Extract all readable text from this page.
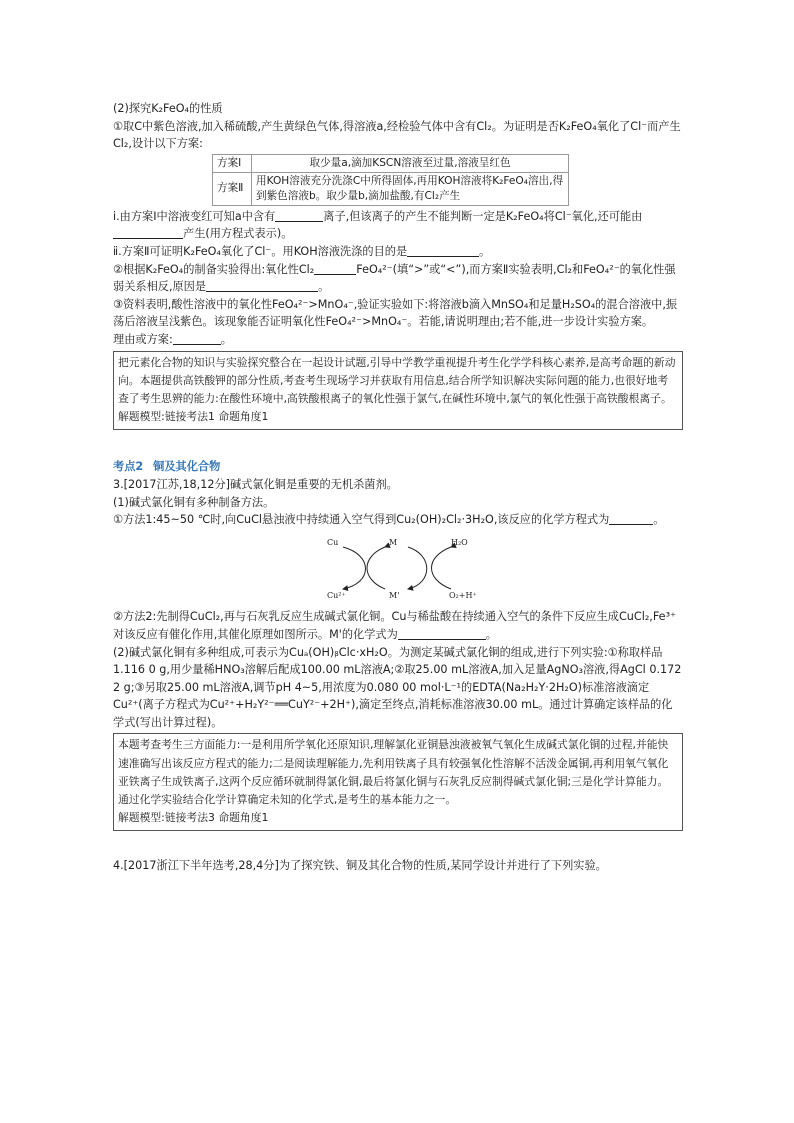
(2)探究K₂FeO₄的性质

①取C中紫色溶液,加入稀硫酸,产生黄绿色气体,得溶液a,经检验气体中含有Cl₂。为证明是否K₂FeO₄氧化了Cl⁻而产生Cl₂,设计以下方案:

方案Ⅰ	取少量a,滴加KSCN溶液至过量,溶液呈红色
方案Ⅱ	用KOH溶液充分洗涤C中所得固体,再用KOH溶液将K₂FeO₄溶出,得到紫色溶液b。取少量b,滴加盐酸,有Cl₂产生

ⅰ.由方案Ⅰ中溶液变红可知a中含有	离子,但该离子的产生不能判断一定是K₂FeO₄将Cl⁻氧化,还可能由产生(用方程式表示)。

ⅱ.方案Ⅱ可证明K₂FeO₄氧化了Cl⁻。用KOH溶液洗涤的目的是	。

②根据K₂FeO₄的制备实验得出:氧化性Cl₂	FeO₄²⁻(填“>”或“<”),而方案Ⅱ实验表明,Cl₂和FeO₄²⁻的氧化性强弱关系相反,原因是	。

③资料表明,酸性溶液中的氧化性FeO₄²⁻>MnO₄⁻,验证实验如下:将溶液b滴入MnSO₄和足量H₂SO₄的混合溶液中,振荡后溶液呈浅紫色。该现象能否证明氧化性FeO₄²⁻>MnO₄⁻。若能,请说明理由;若不能,进一步设计实验方案。

理由或方案:	。

把元素化合物的知识与实验探究整合在一起设计试题,引导中学教学重视提升考生化学学科核心素养,是高考命题的新动向。本题提供高铁酸钾的部分性质,考查考生现场学习并获取有用信息,结合所学知识解决实际问题的能力,也很好地考查了考生思辨的能力:在酸性环境中,高铁酸根离子的氧化性强于氯气,在碱性环境中,氯气的氧化性强于高铁酸根离子。
解题模型:链接考法1 命题角度1

考点2 铜及其化合物

3.[2017江苏,18,12分]碱式氯化铜是重要的无机杀菌剂。

(1)碱式氯化铜有多种制备方法。

①方法1:45~50 ℃时,向CuCl悬浊液中持续通入空气得到Cu₂(OH)₂Cl₂·3H₂O,该反应的化学方程式为	。

Cu
Cu²⁺
M
M'
H₂O
O₂+H⁺

②方法2:先制得CuCl₂,再与石灰乳反应生成碱式氯化铜。Cu与稀盐酸在持续通入空气的条件下反应生成CuCl₂,Fe³⁺对该反应有催化作用,其催化原理如图所示。M'的化学式为	。

(2)碱式氯化铜有多种组成,可表示为Cuₐ(OH)ᵦClc·xH₂O。为测定某碱式氯化铜的组成,进行下列实验:①称取样品1.116 0 g,用少量稀HNO₃溶解后配成100.00 mL溶液A;②取25.00 mL溶液A,加入足量AgNO₃溶液,得AgCl 0.172 2 g;③另取25.00 mL溶液A,调节pH 4~5,用浓度为0.080 00 mol·L⁻¹的EDTA(Na₂H₂Y·2H₂O)标准溶液滴定Cu²⁺(离子方程式为Cu²⁺+H₂Y²⁻══CuY²⁻+2H⁺),滴定至终点,消耗标准溶液30.00 mL。通过计算确定该样品的化学式(写出计算过程)。

本题考查考生三方面能力:一是利用所学氧化还原知识,理解氯化亚铜悬浊液被氧气氧化生成碱式氯化铜的过程,并能快速准确写出该反应方程式的能力;二是阅读理解能力,先利用铁离子具有较强氧化性溶解不活泼金属铜,再利用氧气氧化亚铁离子生成铁离子,这两个反应循环就制得氯化铜,最后将氯化铜与石灰乳反应制得碱式氯化铜;三是化学计算能力。通过化学实验结合化学计算确定未知的化学式,是考生的基本能力之一。
解题模型:链接考法3 命题角度1

4.[2017浙江下半年选考,28,4分]为了探究铁、铜及其化合物的性质,某同学设计并进行了下列实验。
